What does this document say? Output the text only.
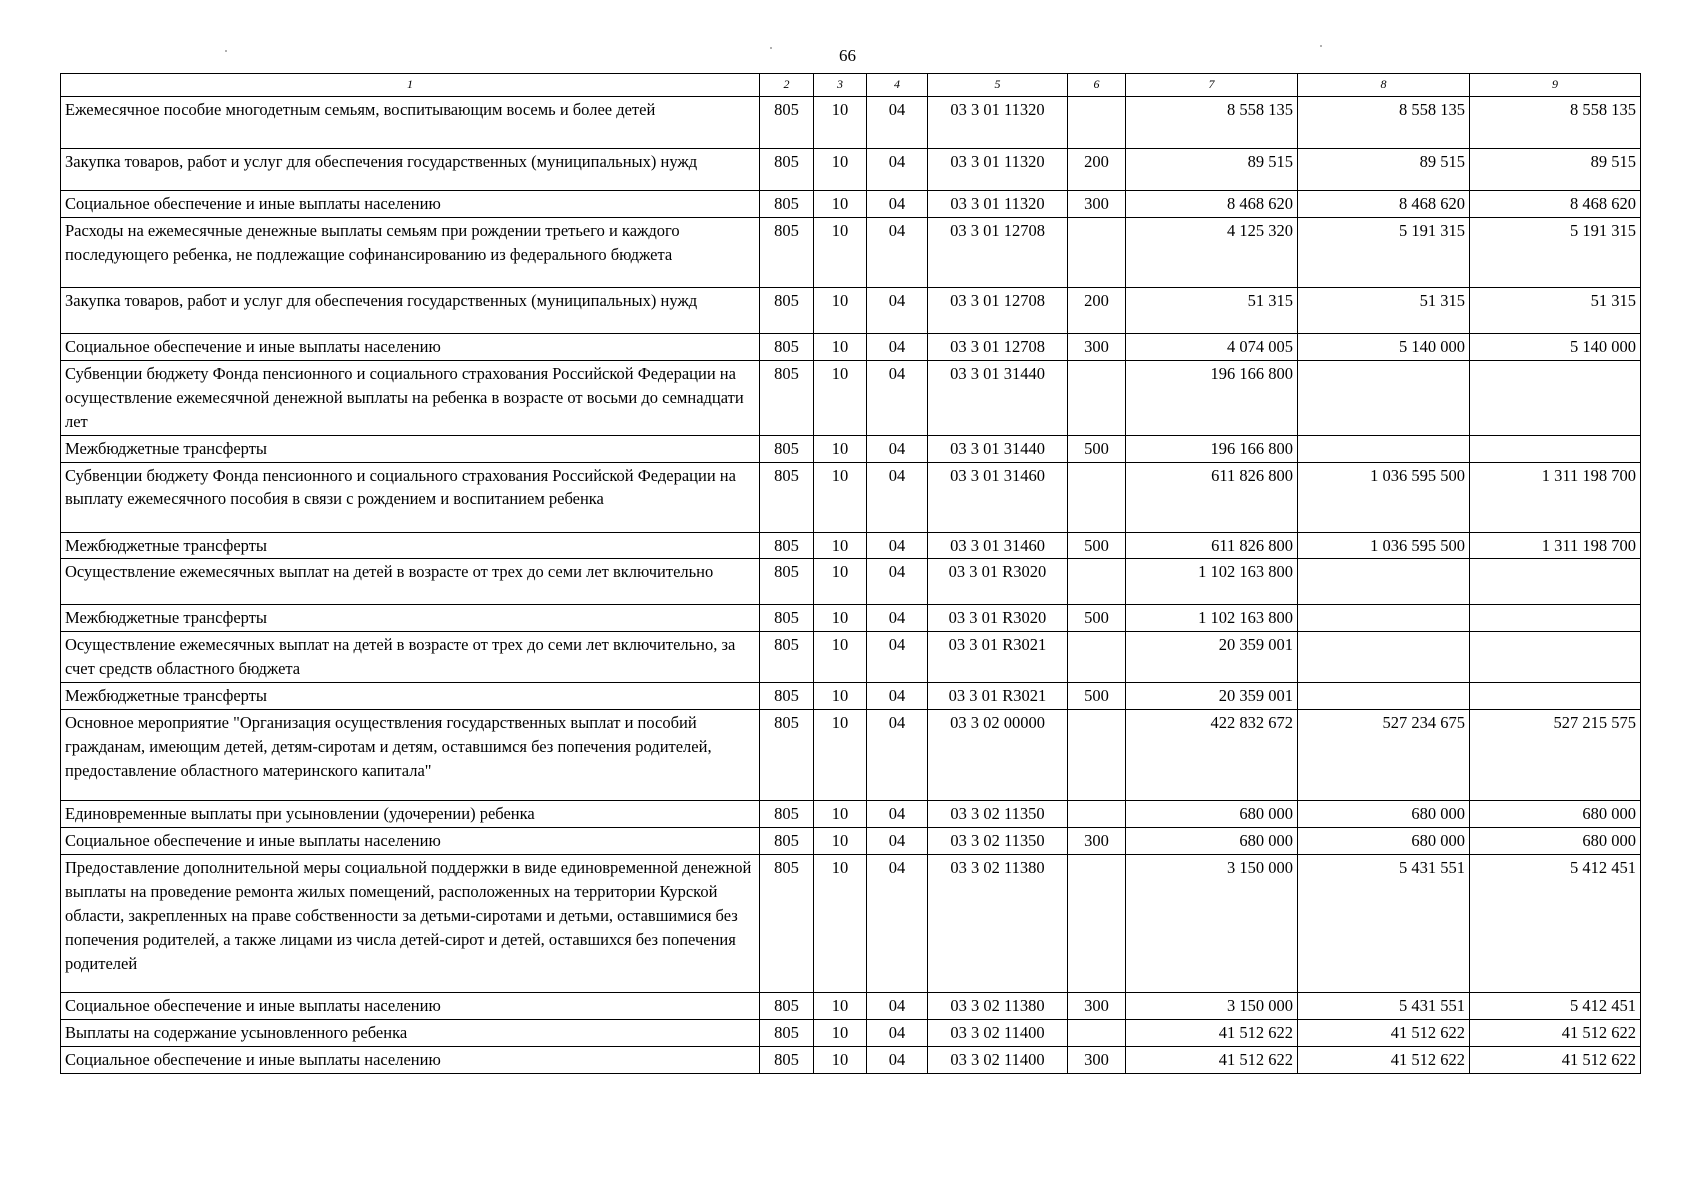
66
1	2	3	4	5	6	7	8	9
Ежемесячное пособие многодетным семьям, воспитывающим восемь и более детей	805	10	04	03 3 01 11320		8 558 135	8 558 135	8 558 135
Закупка товаров, работ и услуг для обеспечения государственных (муниципальных) нужд	805	10	04	03 3 01 11320	200	89 515	89 515	89 515
Социальное обеспечение и иные выплаты населению	805	10	04	03 3 01 11320	300	8 468 620	8 468 620	8 468 620
Расходы на ежемесячные денежные выплаты семьям при рождении третьего и каждого последующего ребенка, не подлежащие софинансированию из федерального бюджета	805	10	04	03 3 01 12708		4 125 320	5 191 315	5 191 315
Закупка товаров, работ и услуг для обеспечения государственных (муниципальных) нужд	805	10	04	03 3 01 12708	200	51 315	51 315	51 315
Социальное обеспечение и иные выплаты населению	805	10	04	03 3 01 12708	300	4 074 005	5 140 000	5 140 000
Субвенции бюджету Фонда пенсионного и социального страхования Российской Федерации на осуществление ежемесячной денежной выплаты на ребенка в возрасте от восьми до семнадцати лет	805	10	04	03 3 01 31440		196 166 800		
Межбюджетные трансферты	805	10	04	03 3 01 31440	500	196 166 800		
Субвенции бюджету Фонда пенсионного и социального страхования Российской Федерации на выплату ежемесячного пособия в связи с рождением и воспитанием ребенка	805	10	04	03 3 01 31460		611 826 800	1 036 595 500	1 311 198 700
Межбюджетные трансферты	805	10	04	03 3 01 31460	500	611 826 800	1 036 595 500	1 311 198 700
Осуществление ежемесячных выплат на детей в возрасте от трех до семи лет включительно	805	10	04	03 3 01 R3020		1 102 163 800		
Межбюджетные трансферты	805	10	04	03 3 01 R3020	500	1 102 163 800		
Осуществление ежемесячных выплат на детей в возрасте от трех до семи лет включительно, за счет средств областного бюджета	805	10	04	03 3 01 R3021		20 359 001		
Межбюджетные трансферты	805	10	04	03 3 01 R3021	500	20 359 001		
Основное мероприятие "Организация осуществления государственных выплат и пособий гражданам, имеющим детей, детям-сиротам и детям, оставшимся без попечения родителей, предоставление областного материнского капитала"	805	10	04	03 3 02 00000		422 832 672	527 234 675	527 215 575
Единовременные выплаты при усыновлении (удочерении) ребенка	805	10	04	03 3 02 11350		680 000	680 000	680 000
Социальное обеспечение и иные выплаты населению	805	10	04	03 3 02 11350	300	680 000	680 000	680 000
Предоставление дополнительной меры социальной поддержки в виде единовременной денежной выплаты на проведение ремонта жилых помещений, расположенных на территории Курской области, закрепленных на праве собственности за детьми-сиротами и детьми, оставшимися без попечения родителей, а также лицами из числа детей-сирот и детей, оставшихся без попечения родителей	805	10	04	03 3 02 11380		3 150 000	5 431 551	5 412 451
Социальное обеспечение и иные выплаты населению	805	10	04	03 3 02 11380	300	3 150 000	5 431 551	5 412 451
Выплаты на содержание усыновленного ребенка	805	10	04	03 3 02 11400		41 512 622	41 512 622	41 512 622
Социальное обеспечение и иные выплаты населению	805	10	04	03 3 02 11400	300	41 512 622	41 512 622	41 512 622
